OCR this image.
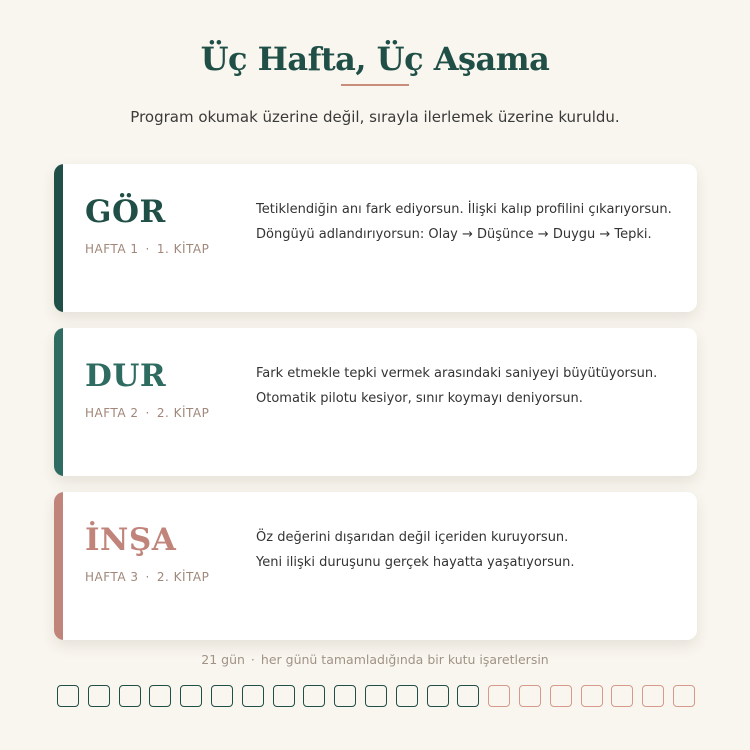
Üç Hafta, Üç Aşama
Program okumak üzerine değil, sırayla ilerlemek üzerine kuruldu.
GÖR
HAFTA 1 · 1. KİTAP
Tetiklendiğin anı fark ediyorsun. İlişki kalıp profilini çıkarıyorsun.
Döngüyü adlandırıyorsun: Olay → Düşünce → Duygu → Tepki.
DUR
HAFTA 2 · 2. KİTAP
Fark etmekle tepki vermek arasındaki saniyeyi büyütüyorsun.
Otomatik pilotu kesiyor, sınır koymayı deniyorsun.
İNŞA
HAFTA 3 · 2. KİTAP
Öz değerini dışarıdan değil içeriden kuruyorsun.
Yeni ilişki duruşunu gerçek hayatta yaşatıyorsun.
21 gün · her günü tamamladığında bir kutu işaretlersin
